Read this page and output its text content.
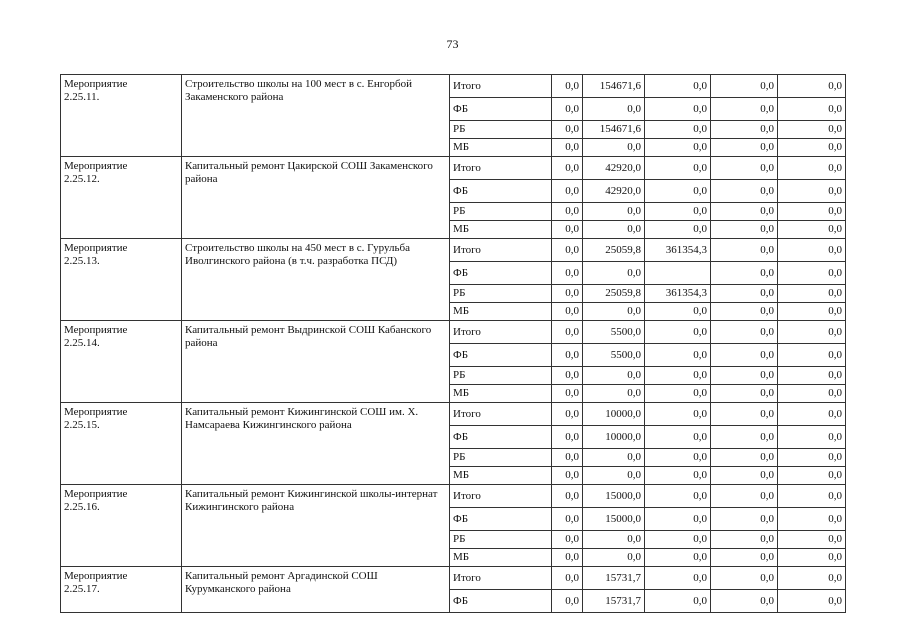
73
Мероприятие
2.25.11.	Строительство школы на 100 мест в с. Енгорбой Закаменского района	Итого	0,0	154671,6	0,0	0,0	0,0
		ФБ	0,0	0,0	0,0	0,0	0,0
		РБ	0,0	154671,6	0,0	0,0	0,0
		МБ	0,0	0,0	0,0	0,0	0,0

Мероприятие
2.25.12.	Капитальный ремонт Цакирской СОШ Закаменского района	Итого	0,0	42920,0	0,0	0,0	0,0
		ФБ	0,0	42920,0	0,0	0,0	0,0
		РБ	0,0	0,0	0,0	0,0	0,0
		МБ	0,0	0,0	0,0	0,0	0,0

Мероприятие
2.25.13.	Строительство школы на 450 мест в с. Гурульба Иволгинского района (в т.ч. разработка ПСД)	Итого	0,0	25059,8	361354,3	0,0	0,0
		ФБ	0,0	0,0		0,0	0,0
		РБ	0,0	25059,8	361354,3	0,0	0,0
		МБ	0,0	0,0	0,0	0,0	0,0

Мероприятие
2.25.14.	Капитальный ремонт Выдринской СОШ Кабанского района	Итого	0,0	5500,0	0,0	0,0	0,0
		ФБ	0,0	5500,0	0,0	0,0	0,0
		РБ	0,0	0,0	0,0	0,0	0,0
		МБ	0,0	0,0	0,0	0,0	0,0

Мероприятие
2.25.15.	Капитальный ремонт Кижингинской СОШ им. Х. Намсараева Кижингинского района	Итого	0,0	10000,0	0,0	0,0	0,0
		ФБ	0,0	10000,0	0,0	0,0	0,0
		РБ	0,0	0,0	0,0	0,0	0,0
		МБ	0,0	0,0	0,0	0,0	0,0

Мероприятие
2.25.16.	Капитальный ремонт Кижингинской школы-интернат Кижингинского района	Итого	0,0	15000,0	0,0	0,0	0,0
		ФБ	0,0	15000,0	0,0	0,0	0,0
		РБ	0,0	0,0	0,0	0,0	0,0
		МБ	0,0	0,0	0,0	0,0	0,0

Мероприятие
2.25.17.	Капитальный ремонт Аргадинской СОШ Курумканского района	Итого	0,0	15731,7	0,0	0,0	0,0
		ФБ	0,0	15731,7	0,0	0,0	0,0
